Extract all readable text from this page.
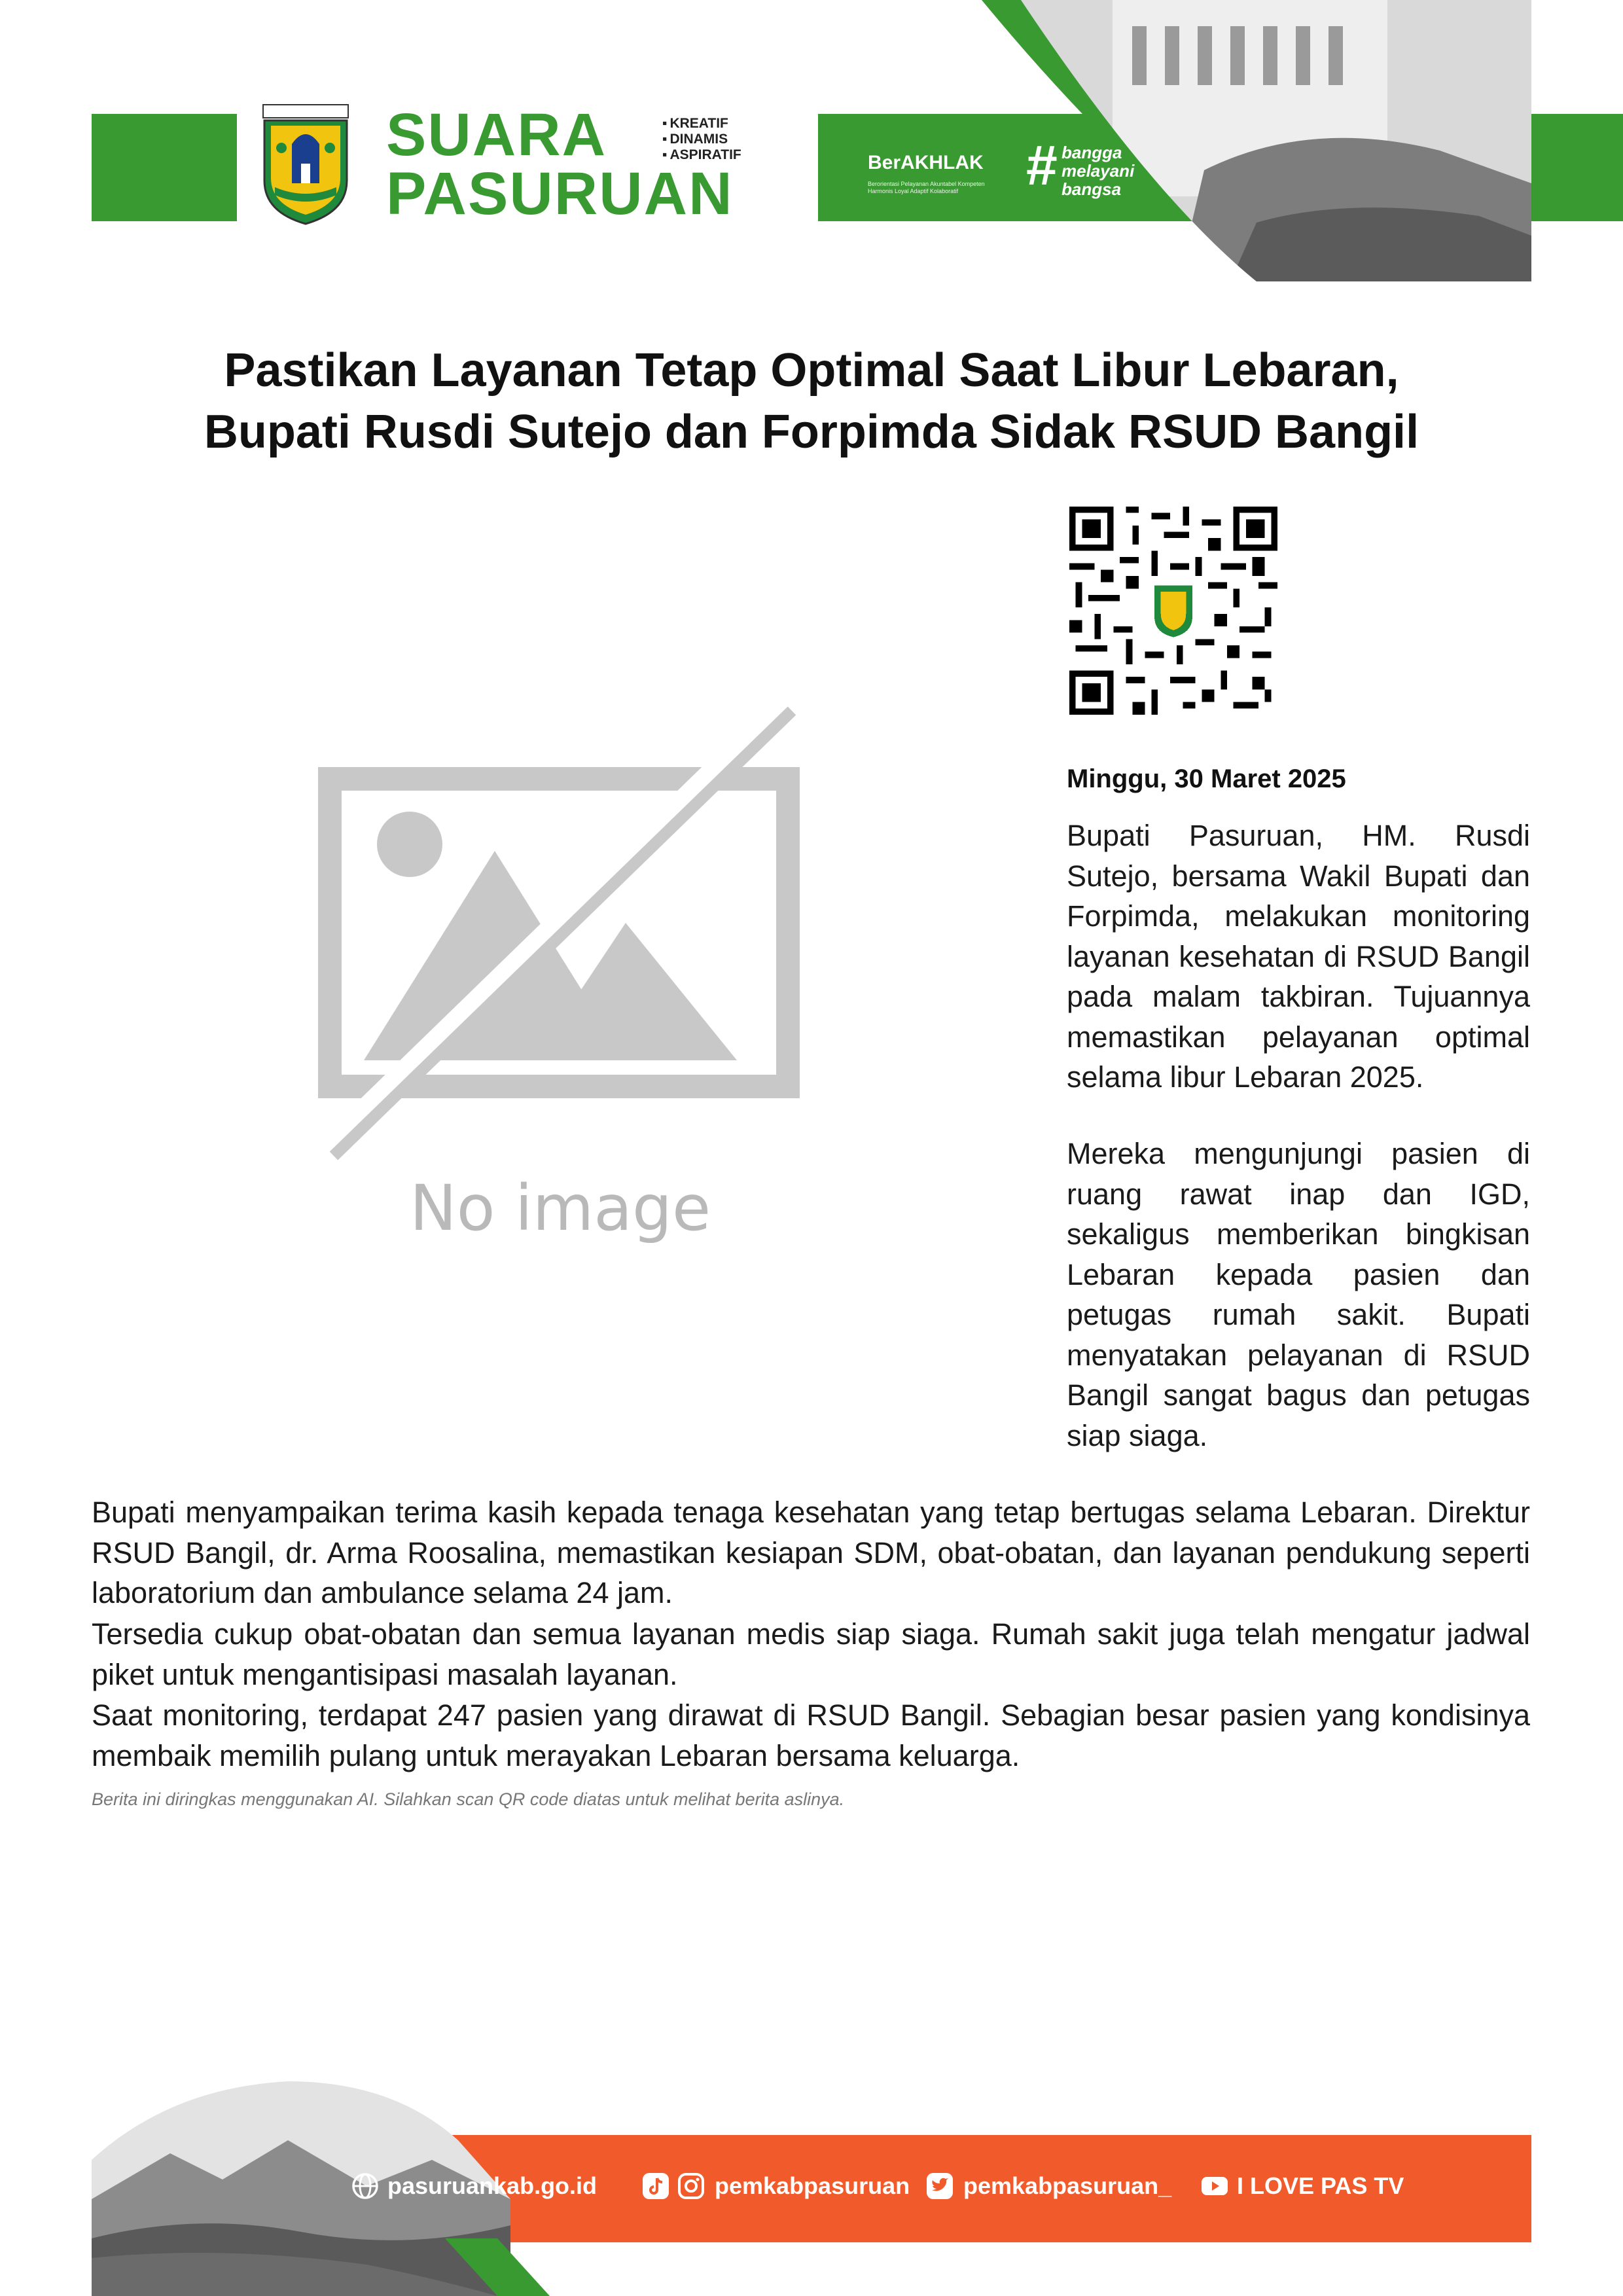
SUARA
PASURUAN
▪ KREATIF
▪ DINAMIS
▪ ASPIRATIF	BerAKHLAK
Berorientasi Pelayanan Akuntabel Kompeten Harmonis Loyal Adaptif Kolaboratif	# bangga
melayani
bangsa
Pastikan Layanan Tetap Optimal Saat Libur Lebaran,
Bupati Rusdi Sutejo dan Forpimda Sidak RSUD Bangil
No image
Minggu, 30 Maret 2025

Bupati Pasuruan, HM. Rusdi Sutejo, bersama Wakil Bupati dan Forpimda, melakukan monitoring layanan kesehatan di RSUD Bangil pada malam takbiran. Tujuannya memastikan pelayanan optimal selama libur Lebaran 2025.

Mereka mengunjungi pasien di ruang rawat inap dan IGD, sekaligus memberikan bingkisan Lebaran kepada pasien dan petugas rumah sakit. Bupati menyatakan pelayanan di RSUD Bangil sangat bagus dan petugas siap siaga.

Bupati menyampaikan terima kasih kepada tenaga kesehatan yang tetap bertugas selama Lebaran. Direktur RSUD Bangil, dr. Arma Roosalina, memastikan kesiapan SDM, obat-obatan, dan layanan pendukung seperti laboratorium dan ambulance selama 24 jam.

Tersedia cukup obat-obatan dan semua layanan medis siap siaga. Rumah sakit juga telah mengatur jadwal piket untuk mengantisipasi masalah layanan.

Saat monitoring, terdapat 247 pasien yang dirawat di RSUD Bangil. Sebagian besar pasien yang kondisinya membaik memilih pulang untuk merayakan Lebaran bersama keluarga.

Berita ini diringkas menggunakan AI. Silahkan scan QR code diatas untuk melihat berita aslinya.
pasuruankab.go.id	pemkabpasuruan pemkabpasuruan_	I LOVE PAS TV
